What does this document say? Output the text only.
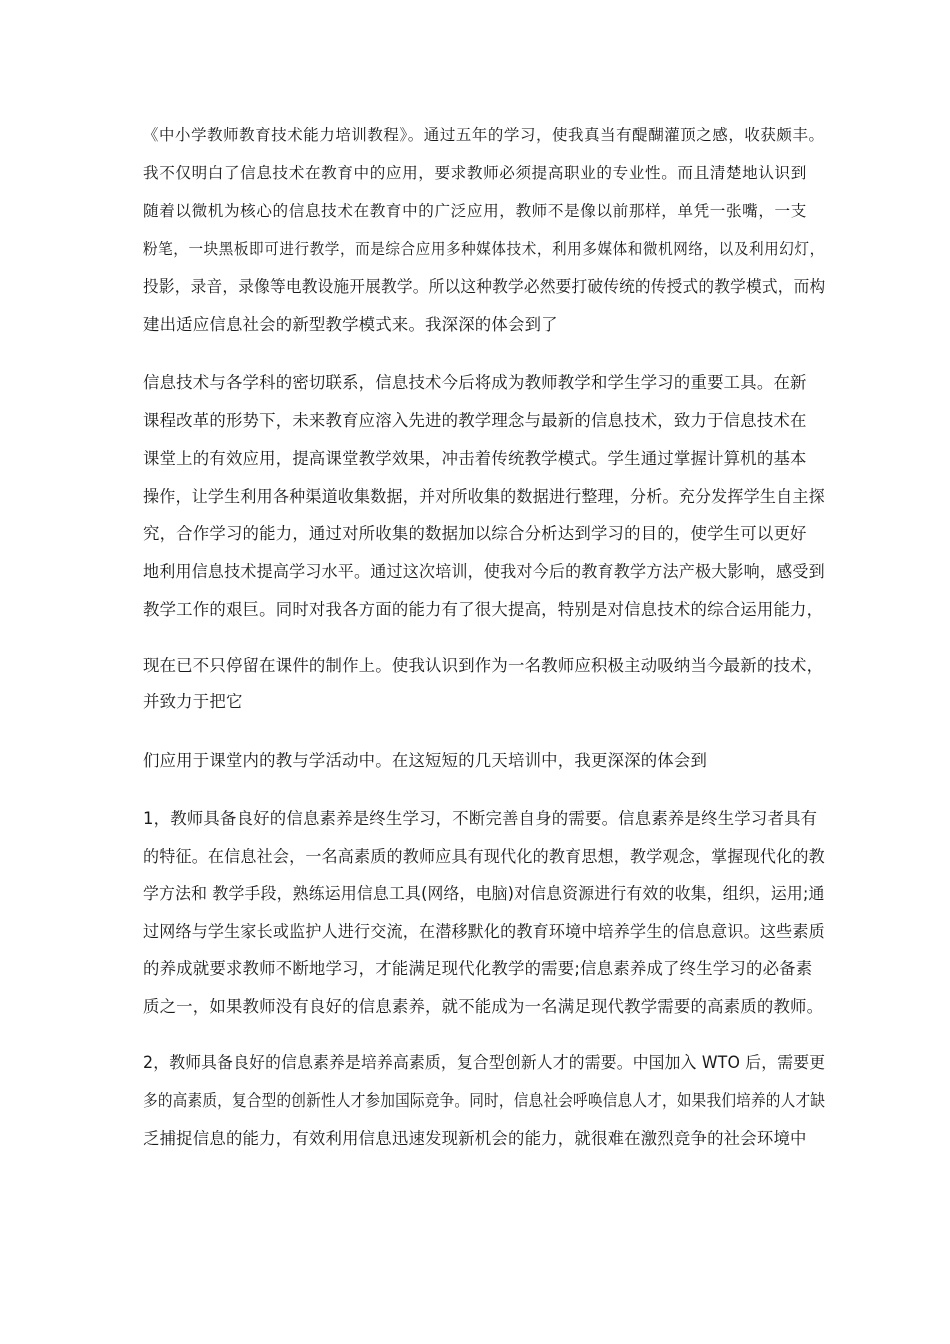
《中小学教师教育技术能力培训教程》。通过五年的学习，使我真当有醍醐灌顶之感，收获颇丰。
我不仅明白了信息技术在教育中的应用，要求教师必须提高职业的专业性。而且清楚地认识到
随着以微机为核心的信息技术在教育中的广泛应用，教师不是像以前那样，单凭一张嘴，一支
粉笔，一块黑板即可进行教学，而是综合应用多种媒体技术，利用多媒体和微机网络，以及利用幻灯，
投影，录音，录像等电教设施开展教学。所以这种教学必然要打破传统的传授式的教学模式，而构
建出适应信息社会的新型教学模式来。我深深的体会到了
信息技术与各学科的密切联系，信息技术今后将成为教师教学和学生学习的重要工具。在新
课程改革的形势下，未来教育应溶入先进的教学理念与最新的信息技术，致力于信息技术在
课堂上的有效应用，提高课堂教学效果，冲击着传统教学模式。学生通过掌握计算机的基本
操作，让学生利用各种渠道收集数据，并对所收集的数据进行整理，分析。充分发挥学生自主探
究，合作学习的能力，通过对所收集的数据加以综合分析达到学习的目的，使学生可以更好
地利用信息技术提高学习水平。通过这次培训，使我对今后的教育教学方法产极大影响，感受到
教学工作的艰巨。同时对我各方面的能力有了很大提高，特别是对信息技术的综合运用能力，
现在已不只停留在课件的制作上。使我认识到作为一名教师应积极主动吸纳当今最新的技术，
并致力于把它
们应用于课堂内的教与学活动中。在这短短的几天培训中，我更深深的体会到
1，教师具备良好的信息素养是终生学习，不断完善自身的需要。信息素养是终生学习者具有
的特征。在信息社会，一名高素质的教师应具有现代化的教育思想，教学观念，掌握现代化的教
学方法和 教学手段，熟练运用信息工具(网络，电脑)对信息资源进行有效的收集，组织，运用;通
过网络与学生家长或监护人进行交流，在潜移默化的教育环境中培养学生的信息意识。这些素质
的养成就要求教师不断地学习，才能满足现代化教学的需要;信息素养成了终生学习的必备素
质之一，如果教师没有良好的信息素养，就不能成为一名满足现代教学需要的高素质的教师。
2，教师具备良好的信息素养是培养高素质，复合型创新人才的需要。中国加入 WTO 后，需要更
多的高素质，复合型的创新性人才参加国际竞争。同时，信息社会呼唤信息人才，如果我们培养的人才缺
乏捕捉信息的能力，有效利用信息迅速发现新机会的能力，就很难在激烈竞争的社会环境中
